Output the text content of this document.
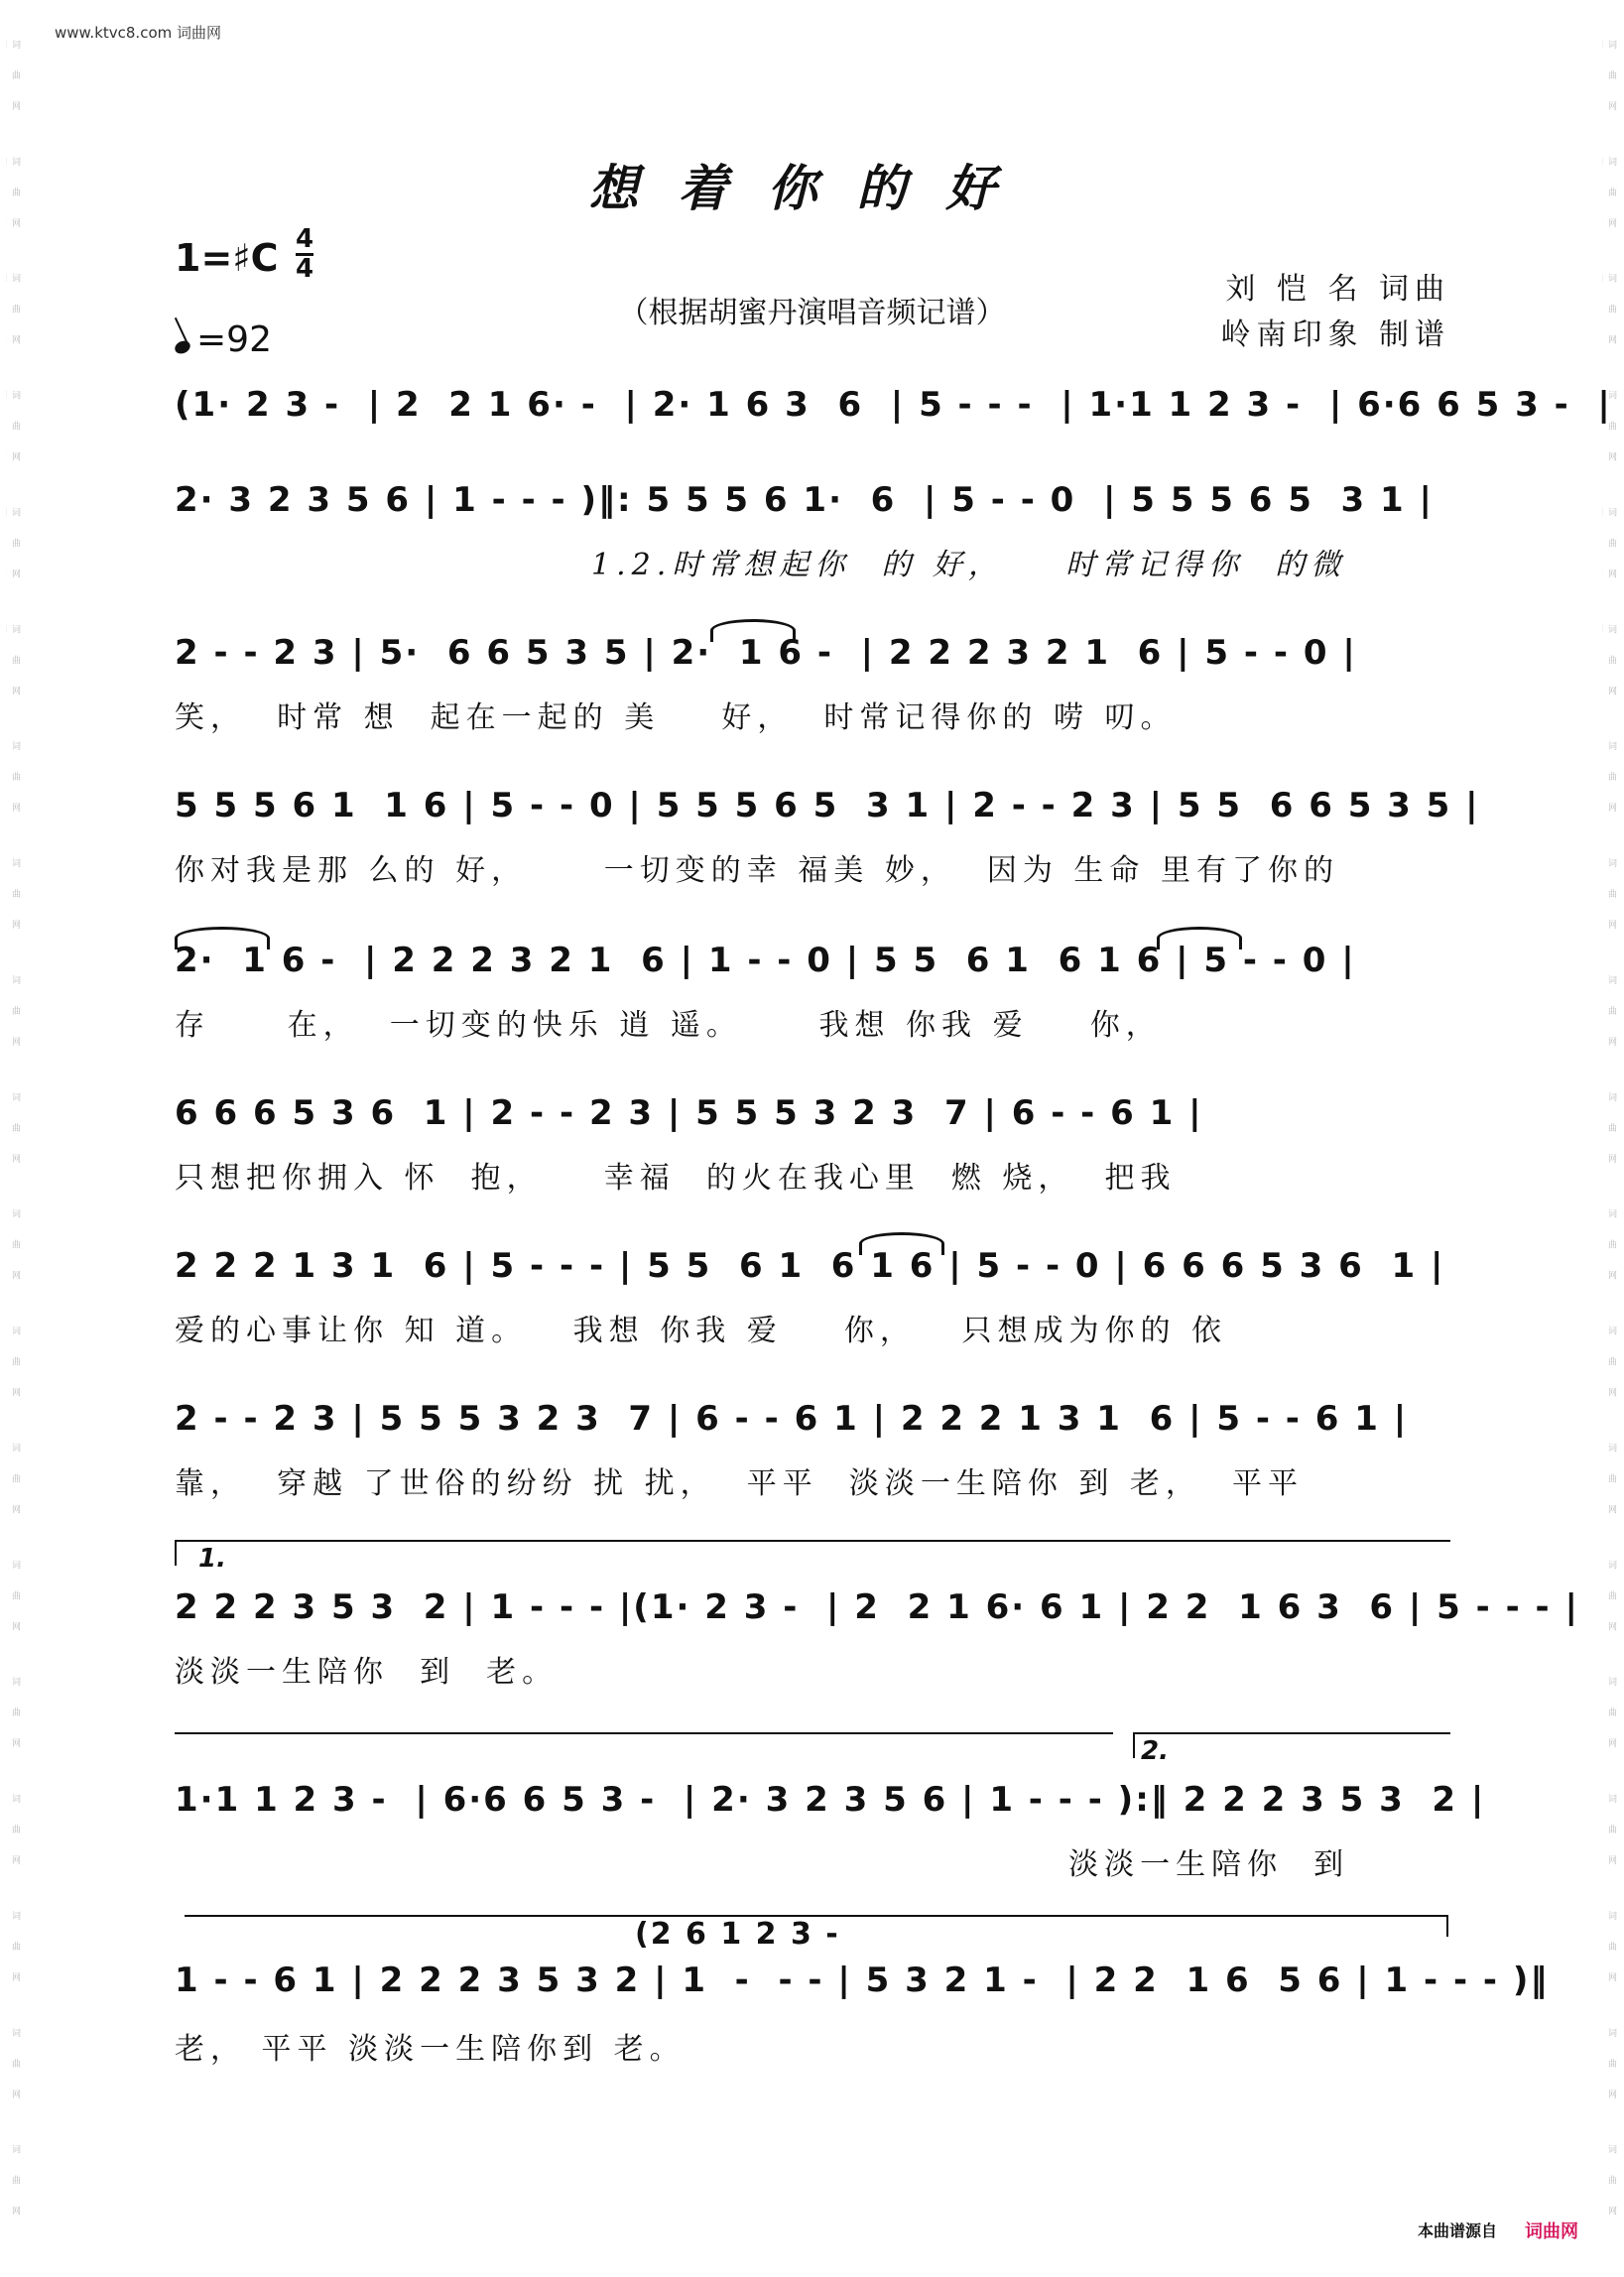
www.ktvc8.com 词曲网
词曲网 词曲网 词曲网 词曲网 词曲网 词曲网 词曲网 词曲网 词曲网 词曲网 词曲网 词曲网 词曲网 词曲网 词曲网 词曲网 词曲网 词曲网 词曲网
词曲网 词曲网 词曲网 词曲网 词曲网 词曲网 词曲网 词曲网 词曲网 词曲网 词曲网 词曲网 词曲网 词曲网 词曲网 词曲网 词曲网 词曲网 词曲网
想着你的好
1=♯C 4
4
=92
（根据胡蜜丹演唱音频记谱）
刘 恺 名 词曲
岭南印象 制谱
(1· 2 3 -  | 2  2 1 6· -  | 2· 1 6 3  6  | 5 - - -  | 1·1 1 2 3 -  | 6·6 6 5 3 -  |
2· 3 2 3 5 6 | 1 - - - )‖: 5 5 5 6 1·  6  | 5 - - 0  | 5 5 5 6 5  3 1 |
1.2.时常想起你  的 好，    时常记得你  的微
2 - - 2 3 | 5·  6 6 5 3 5 | 2·  1 6 -  | 2 2 2 3 2 1  6 | 5 - - 0 |
笑，  时常 想  起在一起的 美    好，  时常记得你的 唠 叨。
5 5 5 6 1  1 6 | 5 - - 0 | 5 5 5 6 5  3 1 | 2 - - 2 3 | 5 5  6 6 5 3 5 |
你对我是那 么的 好，     一切变的幸 福美 妙，  因为 生命 里有了你的
2·  1 6 -  | 2 2 2 3 2 1  6 | 1 - - 0 | 5 5  6 1  6 1 6 | 5 - - 0 |
存     在，  一切变的快乐 逍 遥。     我想 你我 爱    你，
6 6 6 5 3 6  1 | 2 - - 2 3 | 5 5 5 3 2 3  7 | 6 - - 6 1 |
只想把你拥入 怀  抱，    幸福  的火在我心里  燃 烧，  把我
2 2 2 1 3 1  6 | 5 - - - | 5 5  6 1  6 1 6 | 5 - - 0 | 6 6 6 5 3 6  1 |
爱的心事让你 知 道。   我想 你我 爱    你，   只想成为你的 依
2 - - 2 3 | 5 5 5 3 2 3  7 | 6 - - 6 1 | 2 2 2 1 3 1  6 | 5 - - 6 1 |
靠，  穿越 了世俗的纷纷 扰 扰，  平平  淡淡一生陪你 到 老，  平平
1.
2 2 2 3 5 3  2 | 1 - - - |(1· 2 3 -  | 2  2 1 6· 6 1 | 2 2  1 6 3  6 | 5 - - - |
淡淡一生陪你  到  老。
2.
1·1 1 2 3 -  | 6·6 6 5 3 -  | 2· 3 2 3 5 6 | 1 - - - ):‖ 2 2 2 3 5 3  2 |
淡淡一生陪你  到
(2 6 1 2 3 -
1 - - 6 1 | 2 2 2 3 5 3 2 | 1  -  - - | 5 3 2 1 -  | 2 2  1 6  5 6 | 1 - - - )‖
老， 平平 淡淡一生陪你到 老。
本曲谱源自 词曲网
